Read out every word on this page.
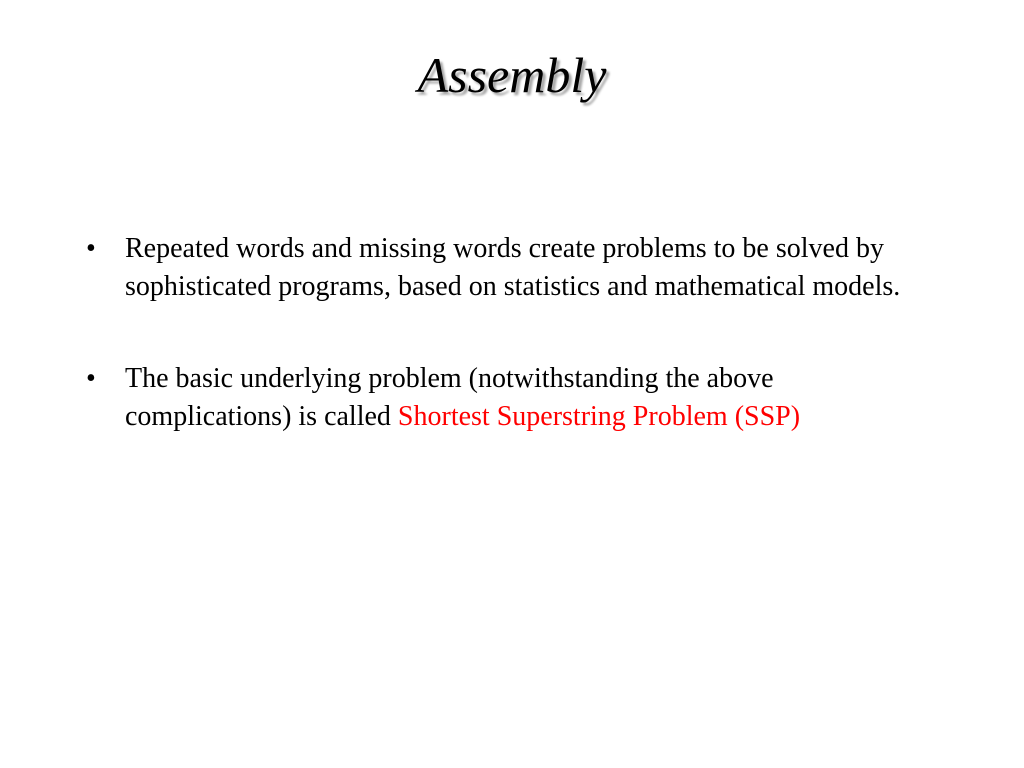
Assembly
•	Repeated words and missing words create problems to be solved by sophisticated programs, based on statistics and mathematical models.
•	The basic underlying problem (notwithstanding the above complications) is called Shortest Superstring Problem (SSP)
